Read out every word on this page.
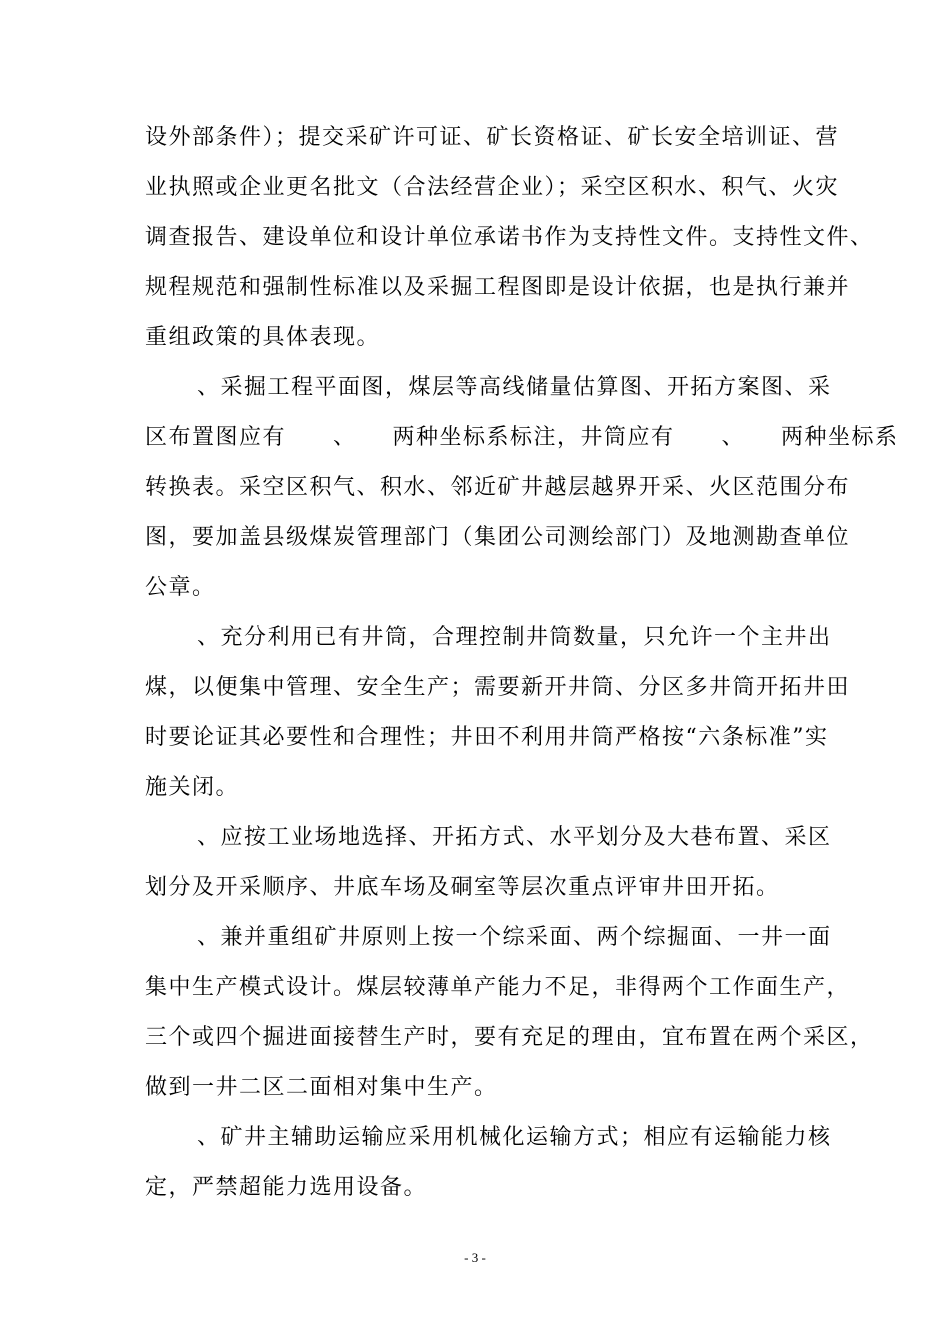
设外部条件）；提交采矿许可证、矿长资格证、矿长安全培训证、营
业执照或企业更名批文（合法经营企业）；采空区积水、积气、火灾
调查报告、建设单位和设计单位承诺书作为支持性文件。支持性文件、
规程规范和强制性标准以及采掘工程图即是设计依据，也是执行兼并
重组政策的具体表现。
、采掘工程平面图，煤层等高线储量估算图、开拓方案图、采
区布置图应有　　、　　两种坐标系标注，井筒应有　　、　　两种坐标系
转换表。采空区积气、积水、邻近矿井越层越界开采、火区范围分布
图，要加盖县级煤炭管理部门（集团公司测绘部门）及地测勘查单位
公章。
、充分利用已有井筒，合理控制井筒数量，只允许一个主井出
煤，以便集中管理、安全生产；需要新开井筒、分区多井筒开拓井田
时要论证其必要性和合理性；井田不利用井筒严格按“六条标准”实
施关闭。
、应按工业场地选择、开拓方式、水平划分及大巷布置、采区
划分及开采顺序、井底车场及硐室等层次重点评审井田开拓。
、兼并重组矿井原则上按一个综采面、两个综掘面、一井一面
集中生产模式设计。煤层较薄单产能力不足，非得两个工作面生产，
三个或四个掘进面接替生产时，要有充足的理由，宜布置在两个采区，
做到一井二区二面相对集中生产。
、矿井主辅助运输应采用机械化运输方式；相应有运输能力核
定，严禁超能力选用设备。
- 3 -
